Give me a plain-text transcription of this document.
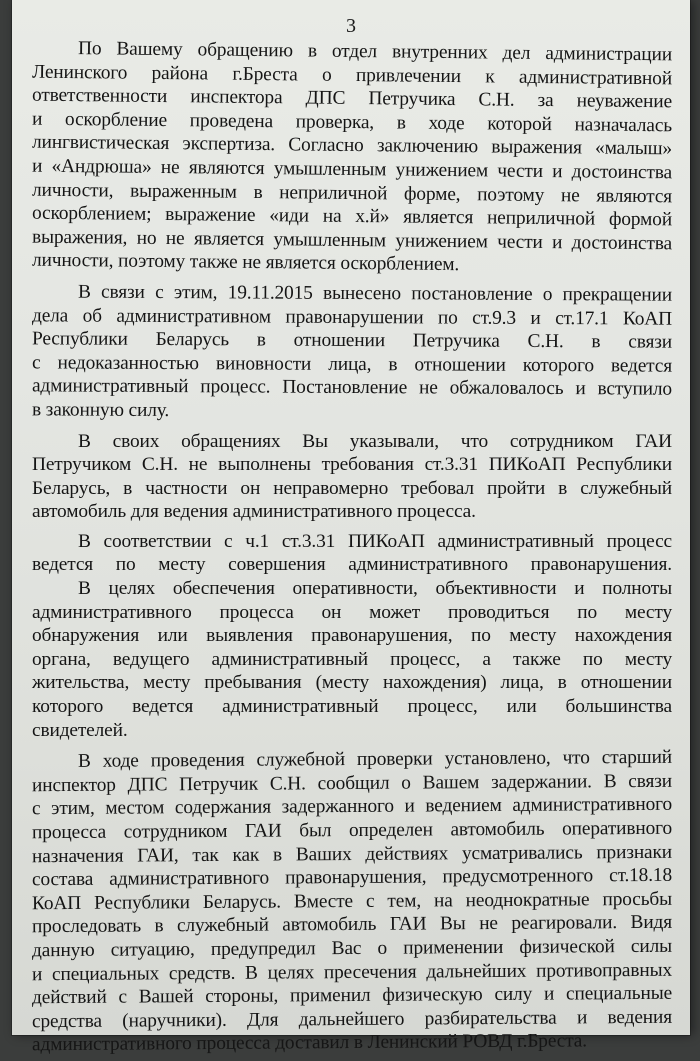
3
По Вашему обращению в отдел внутренних дел администрации
Ленинского района г.Бреста о привлечении к административной
ответственности инспектора ДПС Петручика С.Н. за неуважение
и оскорбление проведена проверка, в ходе которой назначалась
лингвистическая экспертиза. Согласно заключению выражения «малыш»
и «Андрюша» не являются умышленным унижением чести и достоинства
личности, выраженным в неприличной форме, поэтому не являются
оскорблением; выражение «иди на х.й» является неприличной формой
выражения, но не является умышленным унижением чести и достоинства
личности, поэтому также не является оскорблением.
В связи с этим, 19.11.2015 вынесено постановление о прекращении
дела об административном правонарушении по ст.9.3 и ст.17.1 КоАП
Республики Беларусь в отношении Петручика С.Н. в связи
с недоказанностью виновности лица, в отношении которого ведется
административный процесс. Постановление не обжаловалось и вступило
в законную силу.
В своих обращениях Вы указывали, что сотрудником ГАИ
Петручиком С.Н. не выполнены требования ст.3.31 ПИКоАП Республики
Беларусь, в частности он неправомерно требовал пройти в служебный
автомобиль для ведения административного процесса.
В соответствии с ч.1 ст.3.31 ПИКоАП административный процесс
ведется по месту совершения административного правонарушения.
В целях обеспечения оперативности, объективности и полноты
административного процесса он может проводиться по месту
обнаружения или выявления правонарушения, по месту нахождения
органа, ведущего административный процесс, а также по месту
жительства, месту пребывания (месту нахождения) лица, в отношении
которого ведется административный процесс, или большинства
свидетелей.
В ходе проведения служебной проверки установлено, что старший
инспектор ДПС Петручик С.Н. сообщил о Вашем задержании. В связи
с этим, местом содержания задержанного и ведением административного
процесса сотрудником ГАИ был определен автомобиль оперативного
назначения ГАИ, так как в Ваших действиях усматривались признаки
состава административного правонарушения, предусмотренного ст.18.18
КоАП Республики Беларусь. Вместе с тем, на неоднократные просьбы
проследовать в служебный автомобиль ГАИ Вы не реагировали. Видя
данную ситуацию, предупредил Вас о применении физической силы
и специальных средств. В целях пресечения дальнейших противоправных
действий с Вашей стороны, применил физическую силу и специальные
средства (наручники). Для дальнейшего разбирательства и ведения
административного процесса доставил в Ленинский РОВД г.Бреста.
